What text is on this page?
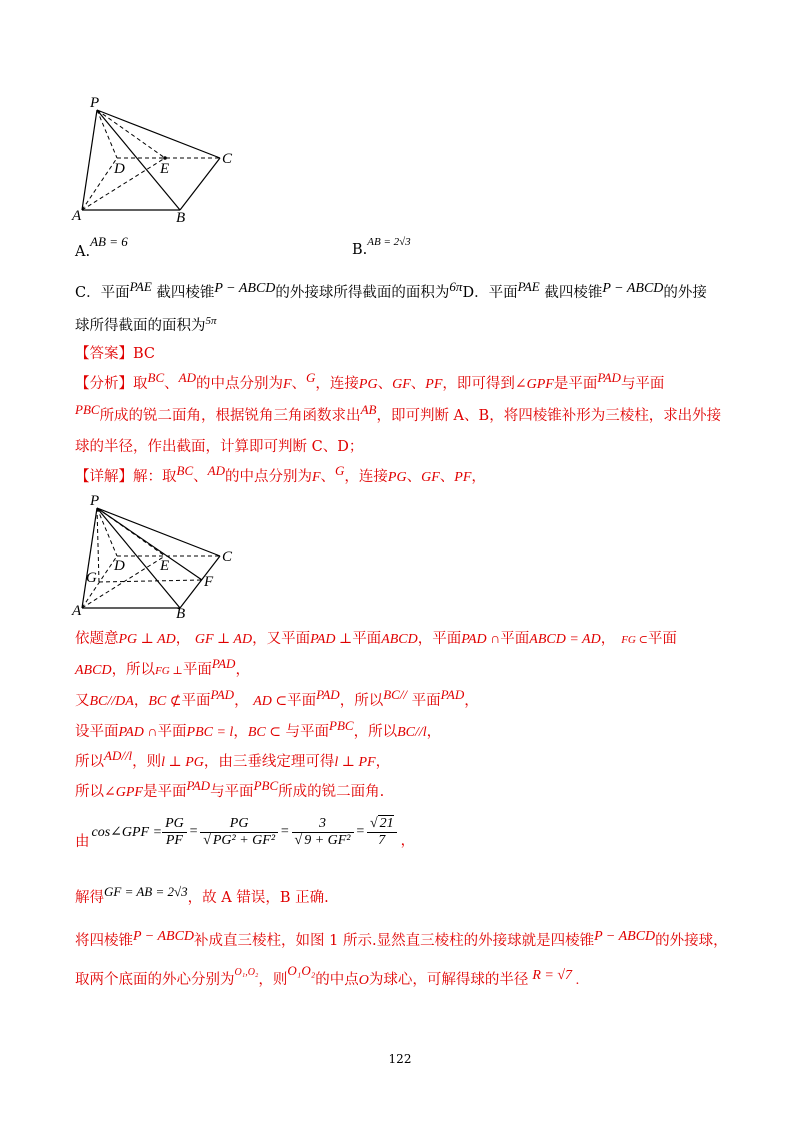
P
A	B
C
D E
A.AB = 6
B.$^{AB = 2√3}$
C．平面PAE 截四棱锥P − ABCD的外接球所得截面的面积为6πD．平面PAE 截四棱锥P − ABCD的外接
球所得截面的面积为$^{5\pi}$
【答案】BC
【分析】取BC、AD的中点分别为F、G，连接PG、GF、PF，即可得到∠GPF是平面PAD与平面
PBC所成的锐二面角，根据锐角三角函数求出AB，即可判断 A、B，将四棱锥补形为三棱柱，求出外接
球的半径，作出截面，计算即可判断 C、D；
【详解】解：取BC、AD的中点分别为F、G，连接PG、GF、PF，
P
A	B
C
D E
F
G
依题意PG ⊥ AD， GF ⊥ AD，又平面PAD ⊥平面ABCD，平面PAD ∩平面ABCD = AD， FG ⊂平面
ABCD，所以FG ⊥平面PAD，
又BC//DA，BC ⊄平面PAD， AD ⊂平面PAD，所以BC// 平面PAD，
设平面PAD ∩平面PBC = l，BC ⊂ 与平面PBC，所以BC//l，
所以AD//l，则l ⊥ PG，由三垂线定理可得l ⊥ PF，
所以∠GPF是平面PAD与平面PBC所成的锐二面角.
由
cos∠GPF = $\frac{PG}{PF} = \frac{PG}{\text{√ PG² + GF²}} = \frac{3}{\text{√ 9 + GF²}} = \frac{√ 21}{7}$ ，
解得GF = AB = 2√3，故 A 错误，B 正确.
将四棱锥P − ABCD补成直三棱柱，如图 1 所示.显然直三棱柱的外接球就是四棱锥P − ABCD的外接球，
取两个底面的外心分别为$^{O_1,O_2}$，则O₁O₂的中点O为球心，可解得球的半径 R = √7 .
122
